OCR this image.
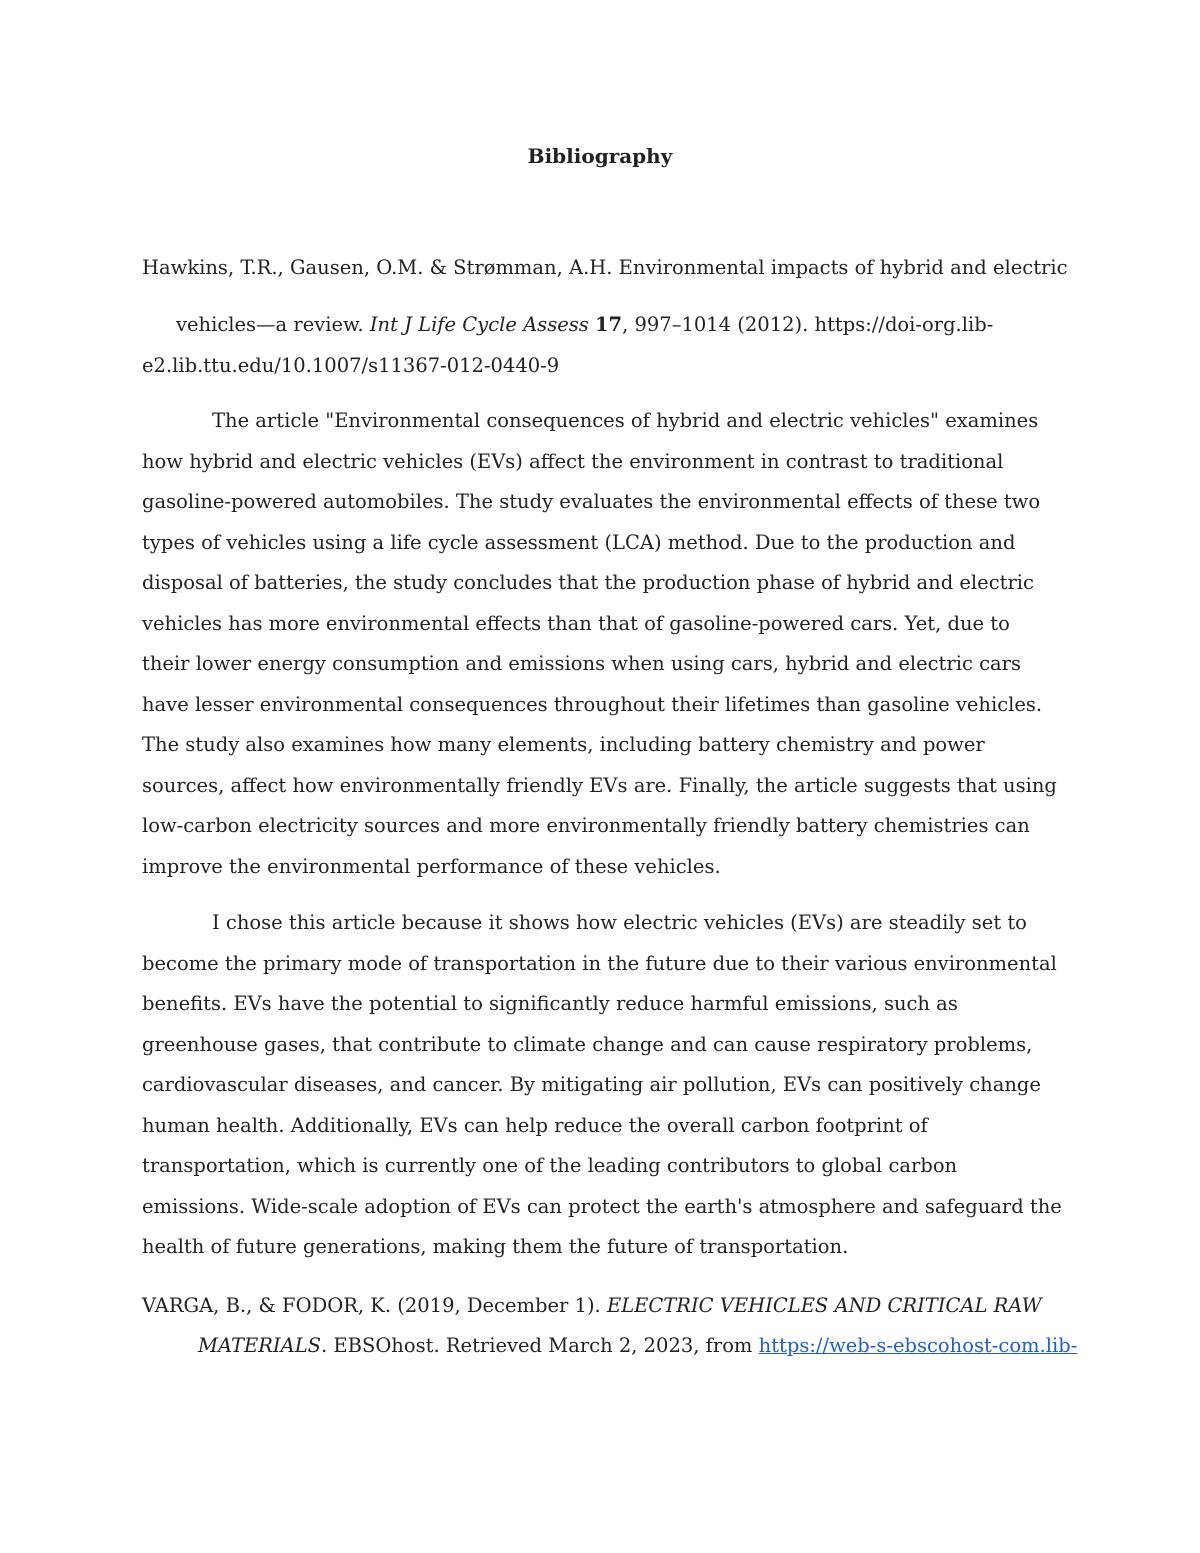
Bibliography
Hawkins, T.R., Gausen, O.M. & Strømman, A.H. Environmental impacts of hybrid and electric
vehicles—a review. Int J Life Cycle Assess 17, 997–1014 (2012). https://doi-org.lib-
e2.lib.ttu.edu/10.1007/s11367-012-0440-9

The article "Environmental consequences of hybrid and electric vehicles" examines how hybrid and electric vehicles (EVs) affect the environment in contrast to traditional gasoline-powered automobiles. The study evaluates the environmental effects of these two types of vehicles using a life cycle assessment (LCA) method. Due to the production and disposal of batteries, the study concludes that the production phase of hybrid and electric vehicles has more environmental effects than that of gasoline-powered cars. Yet, due to their lower energy consumption and emissions when using cars, hybrid and electric cars have lesser environmental consequences throughout their lifetimes than gasoline vehicles. The study also examines how many elements, including battery chemistry and power sources, affect how environmentally friendly EVs are. Finally, the article suggests that using low-carbon electricity sources and more environmentally friendly battery chemistries can improve the environmental performance of these vehicles.

I chose this article because it shows how electric vehicles (EVs) are steadily set to become the primary mode of transportation in the future due to their various environmental benefits. EVs have the potential to significantly reduce harmful emissions, such as greenhouse gases, that contribute to climate change and can cause respiratory problems, cardiovascular diseases, and cancer. By mitigating air pollution, EVs can positively change human health. Additionally, EVs can help reduce the overall carbon footprint of transportation, which is currently one of the leading contributors to global carbon emissions. Wide-scale adoption of EVs can protect the earth's atmosphere and safeguard the health of future generations, making them the future of transportation.

VARGA, B., & FODOR, K. (2019, December 1). ELECTRIC VEHICLES AND CRITICAL RAW
MATERIALS. EBSOhost. Retrieved March 2, 2023, from https://web-s-ebscohost-com.lib-
